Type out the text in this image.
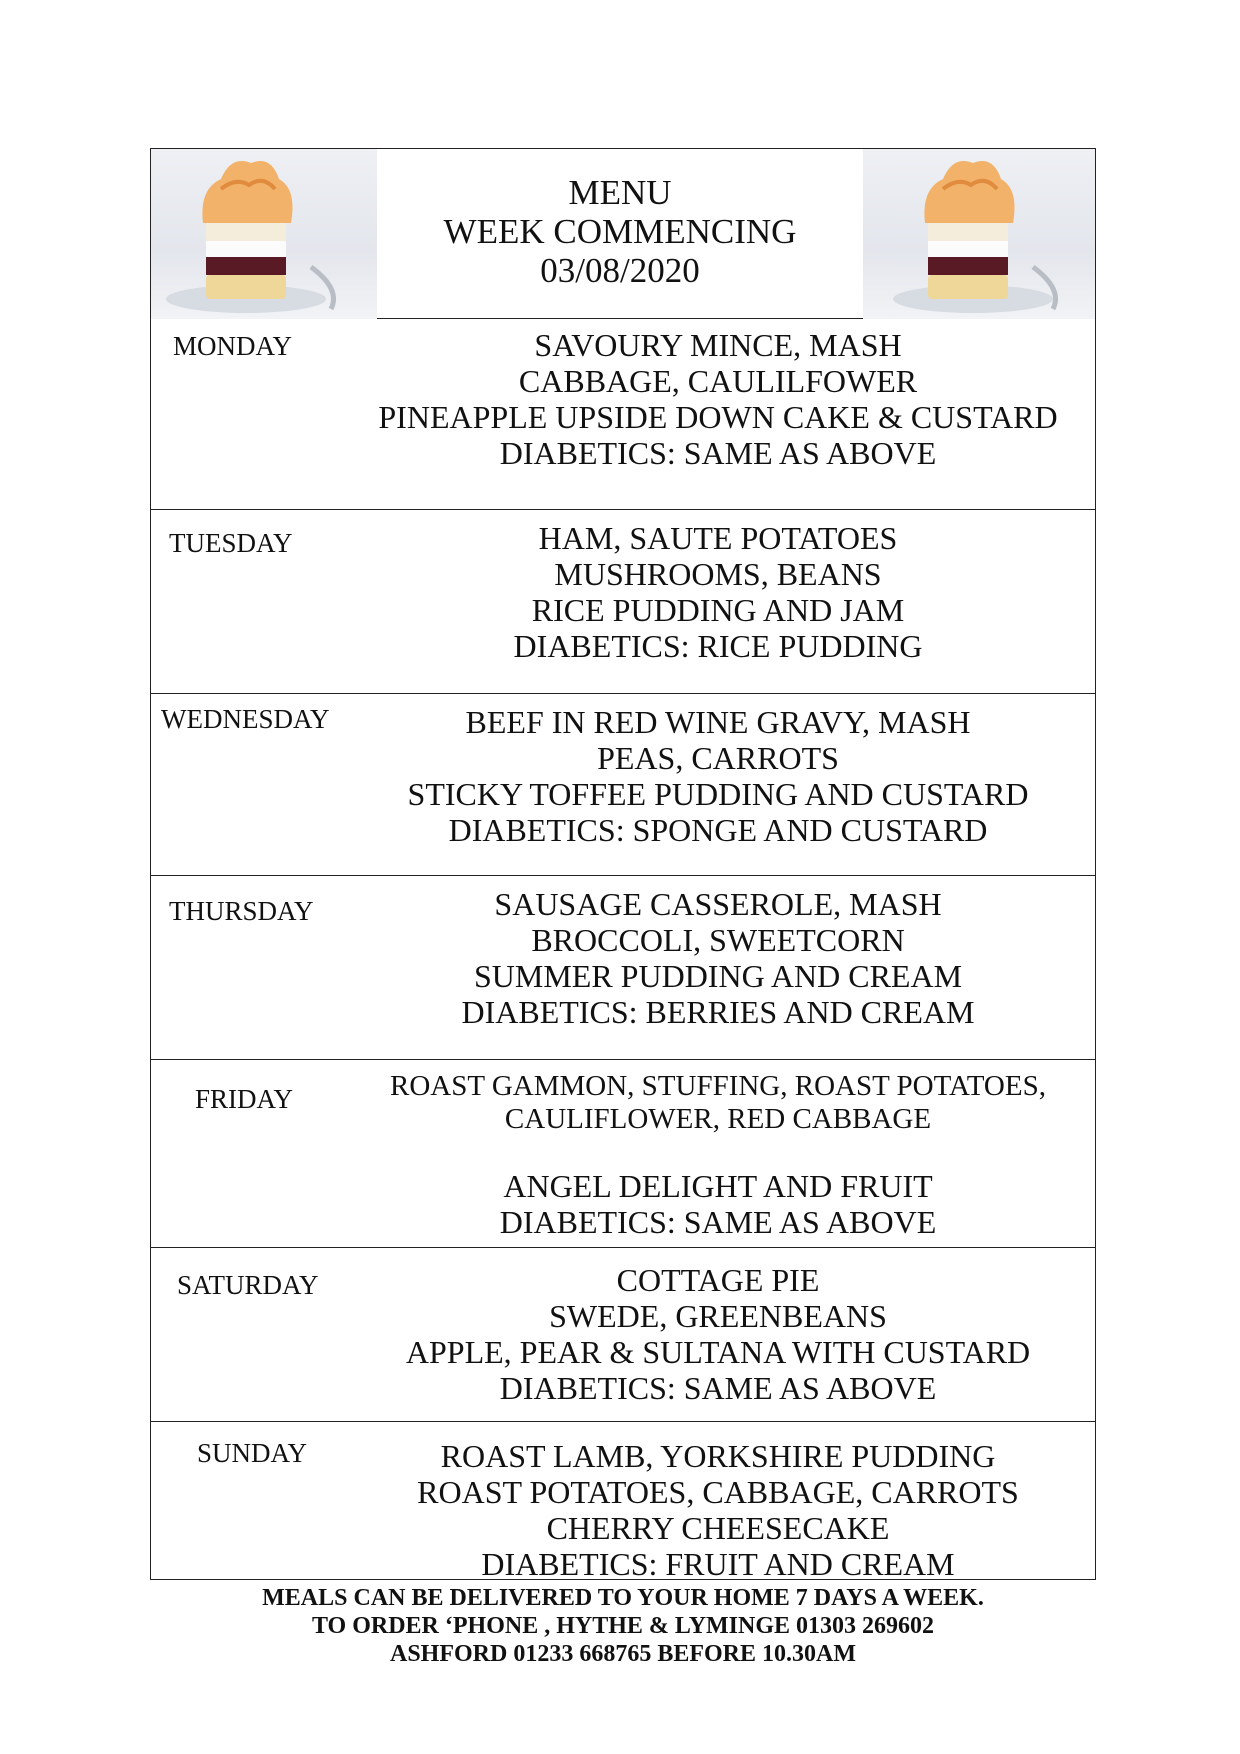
MENU
WEEK COMMENCING
03/08/2020
MONDAY	SAVOURY MINCE, MASH
CABBAGE, CAULILFOWER
PINEAPPLE UPSIDE DOWN CAKE & CUSTARD
DIABETICS: SAME AS ABOVE
TUESDAY	HAM, SAUTE POTATOES
MUSHROOMS, BEANS
RICE PUDDING AND JAM
DIABETICS: RICE PUDDING
WEDNESDAY	BEEF IN RED WINE GRAVY, MASH
PEAS, CARROTS
STICKY TOFFEE PUDDING AND CUSTARD
DIABETICS: SPONGE AND CUSTARD
THURSDAY	SAUSAGE CASSEROLE, MASH
BROCCOLI, SWEETCORN
SUMMER PUDDING AND CREAM
DIABETICS: BERRIES AND CREAM
FRIDAY	ROAST GAMMON, STUFFING, ROAST POTATOES,
CAULIFLOWER, RED CABBAGE
ANGEL DELIGHT AND FRUIT
DIABETICS: SAME AS ABOVE
SATURDAY	COTTAGE PIE
SWEDE, GREENBEANS
APPLE, PEAR & SULTANA WITH CUSTARD
DIABETICS: SAME AS ABOVE
SUNDAY	ROAST LAMB, YORKSHIRE PUDDING
ROAST POTATOES, CABBAGE, CARROTS
CHERRY CHEESECAKE
DIABETICS: FRUIT AND CREAM
MEALS CAN BE DELIVERED TO YOUR HOME 7 DAYS A WEEK.
TO ORDER ‘PHONE , HYTHE & LYMINGE 01303 269602
ASHFORD 01233 668765 BEFORE 10.30AM
